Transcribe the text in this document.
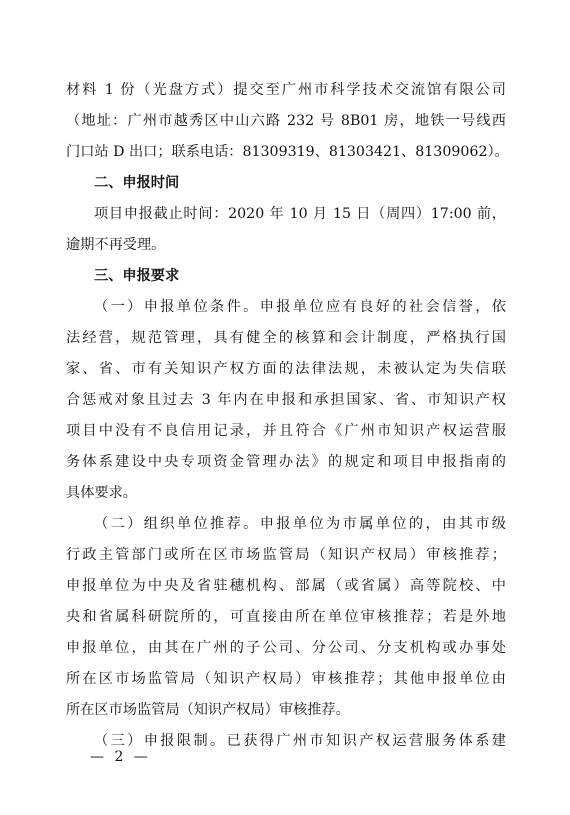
材料 1 份（光盘方式）提交至广州市科学技术交流馆有限公司
（地址：广州市越秀区中山六路 232 号 8B01 房，地铁一号线西
门口站 D 出口；联系电话：81309319、81303421、81309062）。
二、申报时间
项目申报截止时间：2020 年 10 月 15 日（周四）17:00 前，
逾期不再受理。
三、申报要求
（一）申报单位条件。申报单位应有良好的社会信誉，依
法经营，规范管理，具有健全的核算和会计制度，严格执行国
家、省、市有关知识产权方面的法律法规，未被认定为失信联
合惩戒对象且过去 3 年内在申报和承担国家、省、市知识产权
项目中没有不良信用记录，并且符合《广州市知识产权运营服
务体系建设中央专项资金管理办法》的规定和项目申报指南的
具体要求。
（二）组织单位推荐。申报单位为市属单位的，由其市级
行政主管部门或所在区市场监管局（知识产权局）审核推荐；
申报单位为中央及省驻穗机构、部属（或省属）高等院校、中
央和省属科研院所的，可直接由所在单位审核推荐；若是外地
申报单位，由其在广州的子公司、分公司、分支机构或办事处
所在区市场监管局（知识产权局）审核推荐；其他申报单位由
所在区市场监管局（知识产权局）审核推荐。
（三）申报限制。已获得广州市知识产权运营服务体系建
— 2 —
